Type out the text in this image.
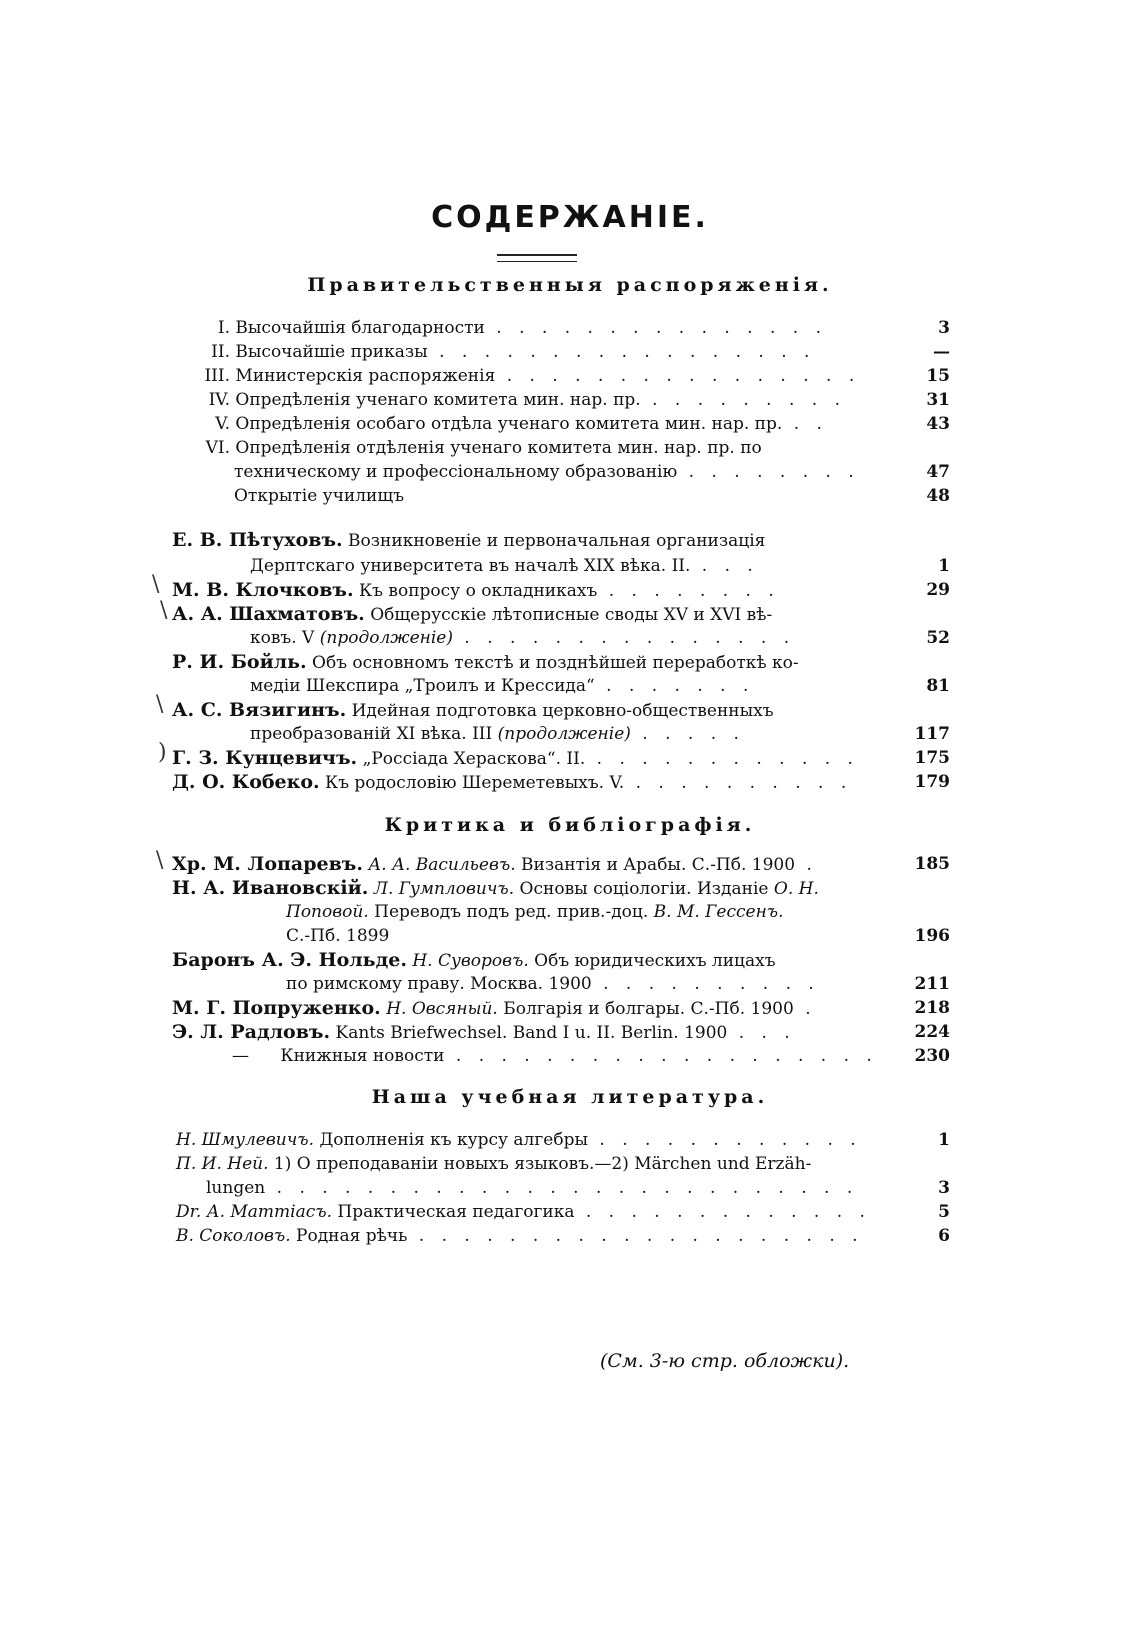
СОДЕРЖАНІЕ.
Правительственныя распоряженія.
I. Высочайшія благодарности . . . . . . . . . . . . . . .	3
II. Высочайшіе приказы . . . . . . . . . . . . . . . . .	—
III. Министерскія распоряженія . . . . . . . . . . . . . . . .	15
IV. Опредѣленія ученаго комитета мин. нар. пр. . . . . . . . . .	31
V. Опредѣленія особаго отдѣла ученаго комитета мин. нар. пр. . .	43
VI. Опредѣленія отдѣленія ученаго комитета мин. нар. пр. по
техническому и профессіональному образованію . . . . . . . .	47
Открытіе училищъ	48
Е. В. Пѣтуховъ. Возникновеніе и первоначальная организація
Дерптскаго университета въ началѣ XIX вѣка. II. . . .	1
\ М. В. Клочковъ. Къ вопросу о окладникахъ . . . . . . . .	29
\ А. А. Шахматовъ. Общерусскіе лѣтописные своды XV и XVI вѣ-
ковъ. V (продолженіе) . . . . . . . . . . . . . . .	52
Р. И. Бойль. Объ основномъ текстѣ и позднѣйшей переработкѣ ко-
медіи Шекспира „Троилъ и Крессида“ . . . . . . .	81
\ А. С. Вязигинъ. Идейная подготовка церковно-общественныхъ
преобразованій XI вѣка. III (продолженіе) . . . . .	117
) Г. З. Кунцевичъ. „Россіада Хераскова“. II. . . . . . . . . . . . .	175
Д. О. Кобеко. Къ родословію Шереметевыхъ. V. . . . . . . . . . .	179
Критика и библіографія.
\ Хр. М. Лопаревъ. А. А. Васильевъ. Византія и Арабы. С.-Пб. 1900 .	185
Н. А. Ивановскій. Л. Гумпловичъ. Основы соціологіи. Изданіе О. Н.
Поповой. Переводъ подъ ред. прив.-доц. В. М. Гессенъ.
С.-Пб. 1899	196
Баронъ А. Э. Нольде. Н. Суворовъ. Объ юридическихъ лицахъ
по римскому праву. Москва. 1900 . . . . . . . . . .	211
М. Г. Попруженко. Н. Овсяный. Болгарія и болгары. С.-Пб. 1900 .	218
Э. Л. Радловъ. Kants Briefwechsel. Band I u. II. Berlin. 1900 . . .	224
— Книжныя новости . . . . . . . . . . . . . . . . . . .	230
Наша учебная литература.
Н. Шмулевичъ. Дополненія къ курсу алгебры . . . . . . . . . . . .	1
П. И. Ней. 1) О преподаваніи новыхъ языковъ.—2) Märchen und Erzäh-
lungen . . . . . . . . . . . . . . . . . . . . . . . . . .	3
Dr. А. Маттіасъ. Практическая педагогика . . . . . . . . . . . . .	5
В. Соколовъ. Родная рѣчь . . . . . . . . . . . . . . . . . . . .	6
(См. 3-ю стр. обложки).
